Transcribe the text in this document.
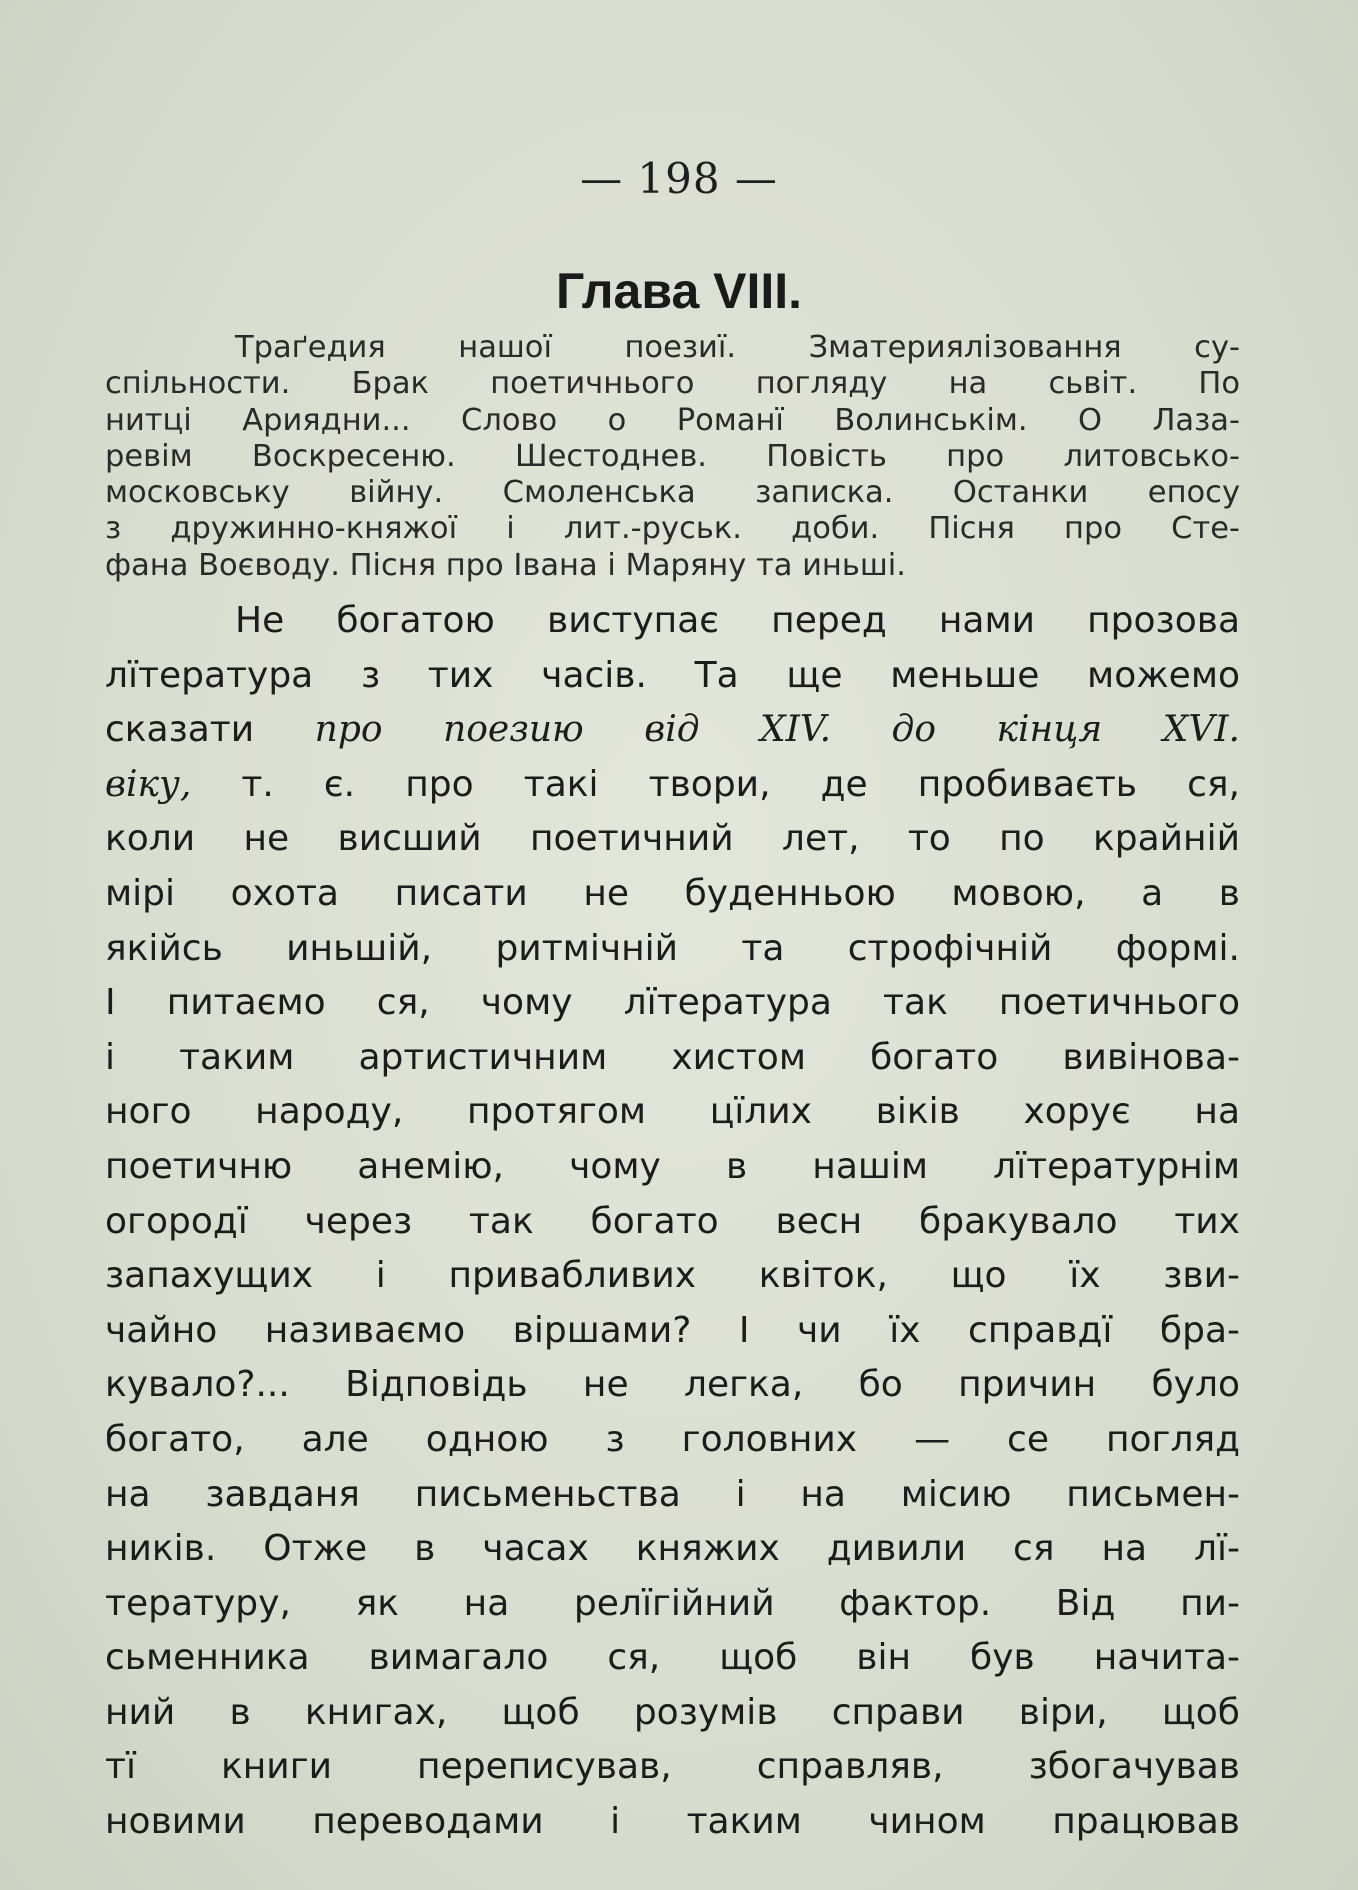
— 198 —
Глава VIII.
Траґедия нашої поезиї. Зматериялізовання су-
спільности. Брак поетичнього погляду на сьвіт. По
нитці Ариядни... Слово о Романї Волинськім. О Лаза-
ревім Воскресеню. Шестоднев. Повість про литовсько-
московську війну. Смоленська записка. Останки епосу
з дружинно-княжої і лит.-руськ. доби. Пісня про Сте-
фана Воєводу. Пісня про Івана і Маряну та иньші.
Не богатою виступає перед нами прозова
лїтература з тих часів. Та ще меньше можемо
сказати про поезию від XIV. до кінця XVI.
віку, т. є. про такі твори, де пробиваєть ся,
коли не висший поетичний лет, то по крайній
мірі охота писати не буденньою мовою, а в
якійсь иньшій, ритмічній та строфічній формі.
І питаємо ся, чому лїтература так поетичнього
і таким артистичним хистом богато вивінова-
ного народу, протягом цїлих віків хорує на
поетичню анемію, чому в нашім лїтературнім
огородї через так богато весн бракувало тих
запахущих і привабливих квіток, що їх зви-
чайно називаємо віршами? І чи їх справдї бра-
кувало?... Відповідь не легка, бо причин було
богато, але одною з головних — се погляд
на завданя письменьства і на місию письмен-
ників. Отже в часах княжих дивили ся на лї-
тературу, як на релїгійний фактор. Від пи-
сьменника вимагало ся, щоб він був начита-
ний в книгах, щоб розумів справи віри, щоб
тї книги переписував, справляв, збогачував
новими переводами і таким чином працював
